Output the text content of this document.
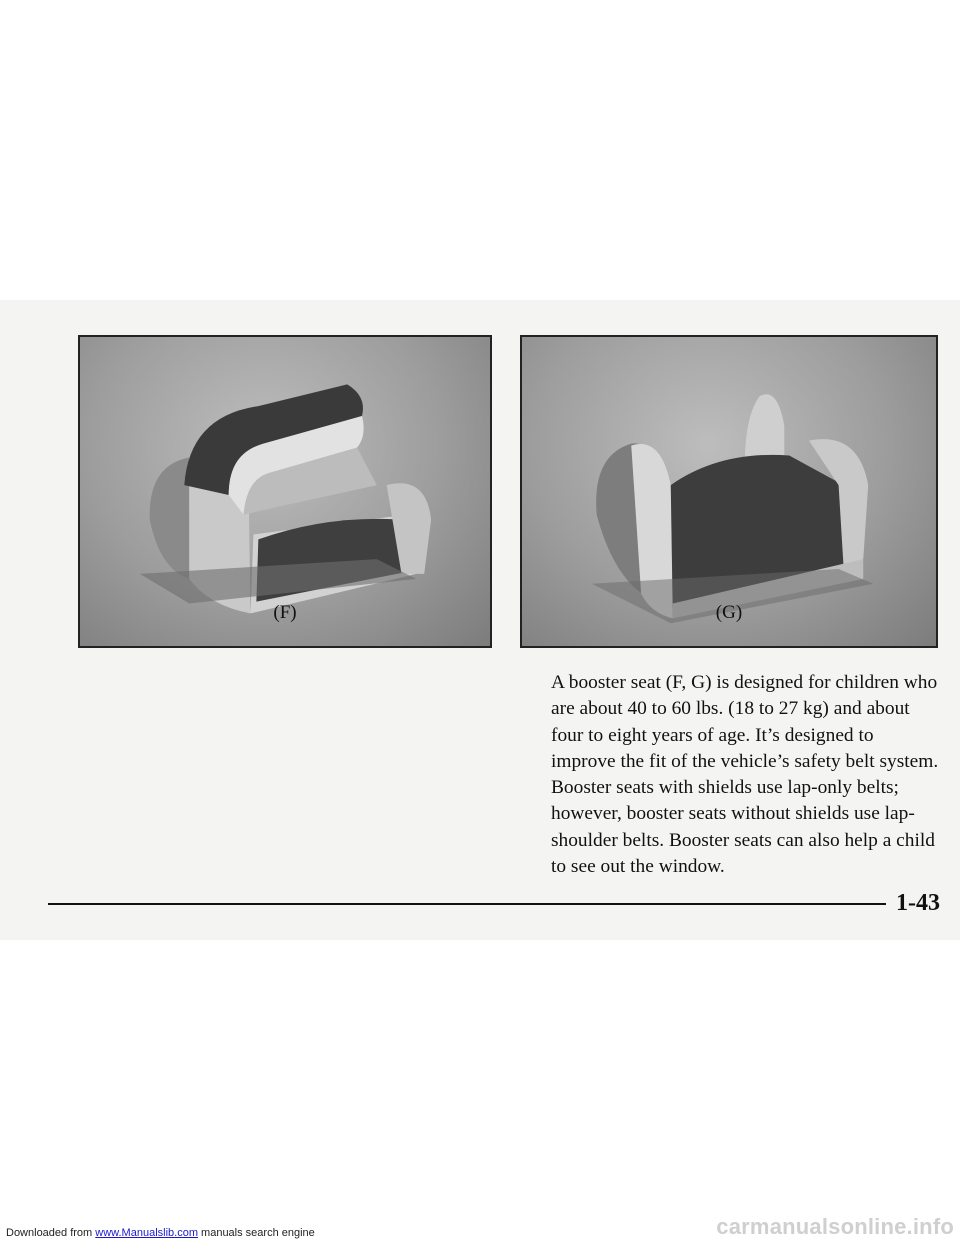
(F)	(G)
A booster seat (F, G) is designed for children who are about 40 to 60 lbs. (18 to 27 kg) and about four to eight years of age. It’s designed to improve the fit of the vehicle’s safety belt system. Booster seats with shields use lap-only belts; however, booster seats without shields use lap-shoulder belts. Booster seats can also help a child to see out the window.
1-43
Downloaded from www.Manualslib.com manuals search engine	carmanualsonline.info
